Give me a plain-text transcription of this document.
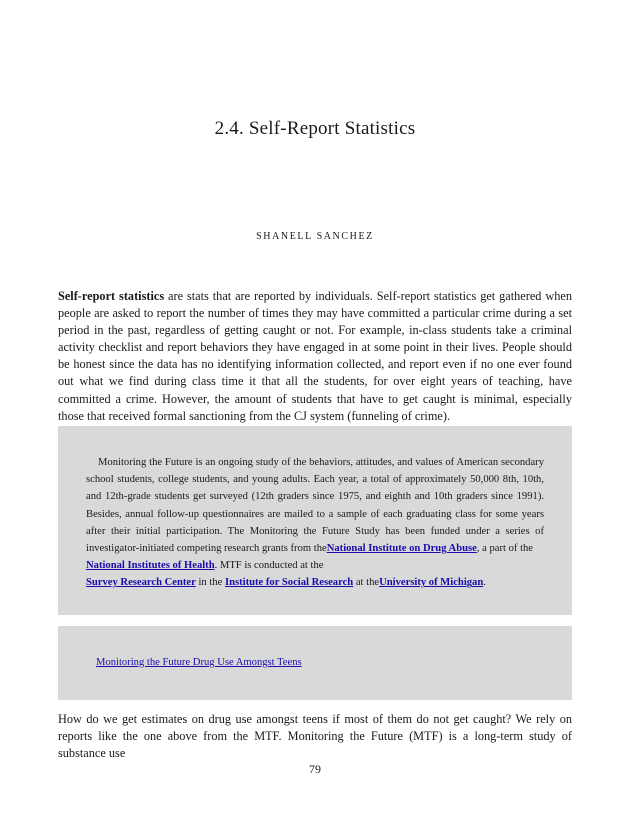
2.4. Self-Report Statistics

SHANELL SANCHEZ

Self-report statistics are stats that are reported by individuals. Self-report statistics get gathered when people are asked to report the number of times they may have committed a particular crime during a set period in the past, regardless of getting caught or not. For example, in-class students take a criminal activity checklist and report behaviors they have engaged in at some point in their lives. People should be honest since the data has no identifying information collected, and report even if no one ever found out what we find during class time it that all the students, for over eight years of teaching, have committed a crime. However, the amount of students that have to get caught is minimal, especially those that received formal sanctioning from the CJ system (funneling of crime).

Monitoring the Future is an ongoing study of the behaviors, attitudes, and values of American secondary school students, college students, and young adults. Each year, a total of approximately 50,000 8th, 10th, and 12th-grade students get surveyed (12th graders since 1975, and eighth and 10th graders since 1991). Besides, annual follow-up questionnaires are mailed to a sample of each graduating class for some years after their initial participation. The Monitoring the Future Study has been funded under a series of investigator-initiated competing research grants from theNational Institute on Drug Abuse, a part of the
National Institutes of Health. MTF is conducted at the
Survey Research Center in the Institute for Social Research at theUniversity of Michigan.

Monitoring the Future Drug Use Amongst Teens

How do we get estimates on drug use amongst teens if most of them do not get caught? We rely on reports like the one above from the MTF. Monitoring the Future (MTF) is a long-term study of substance use

79
